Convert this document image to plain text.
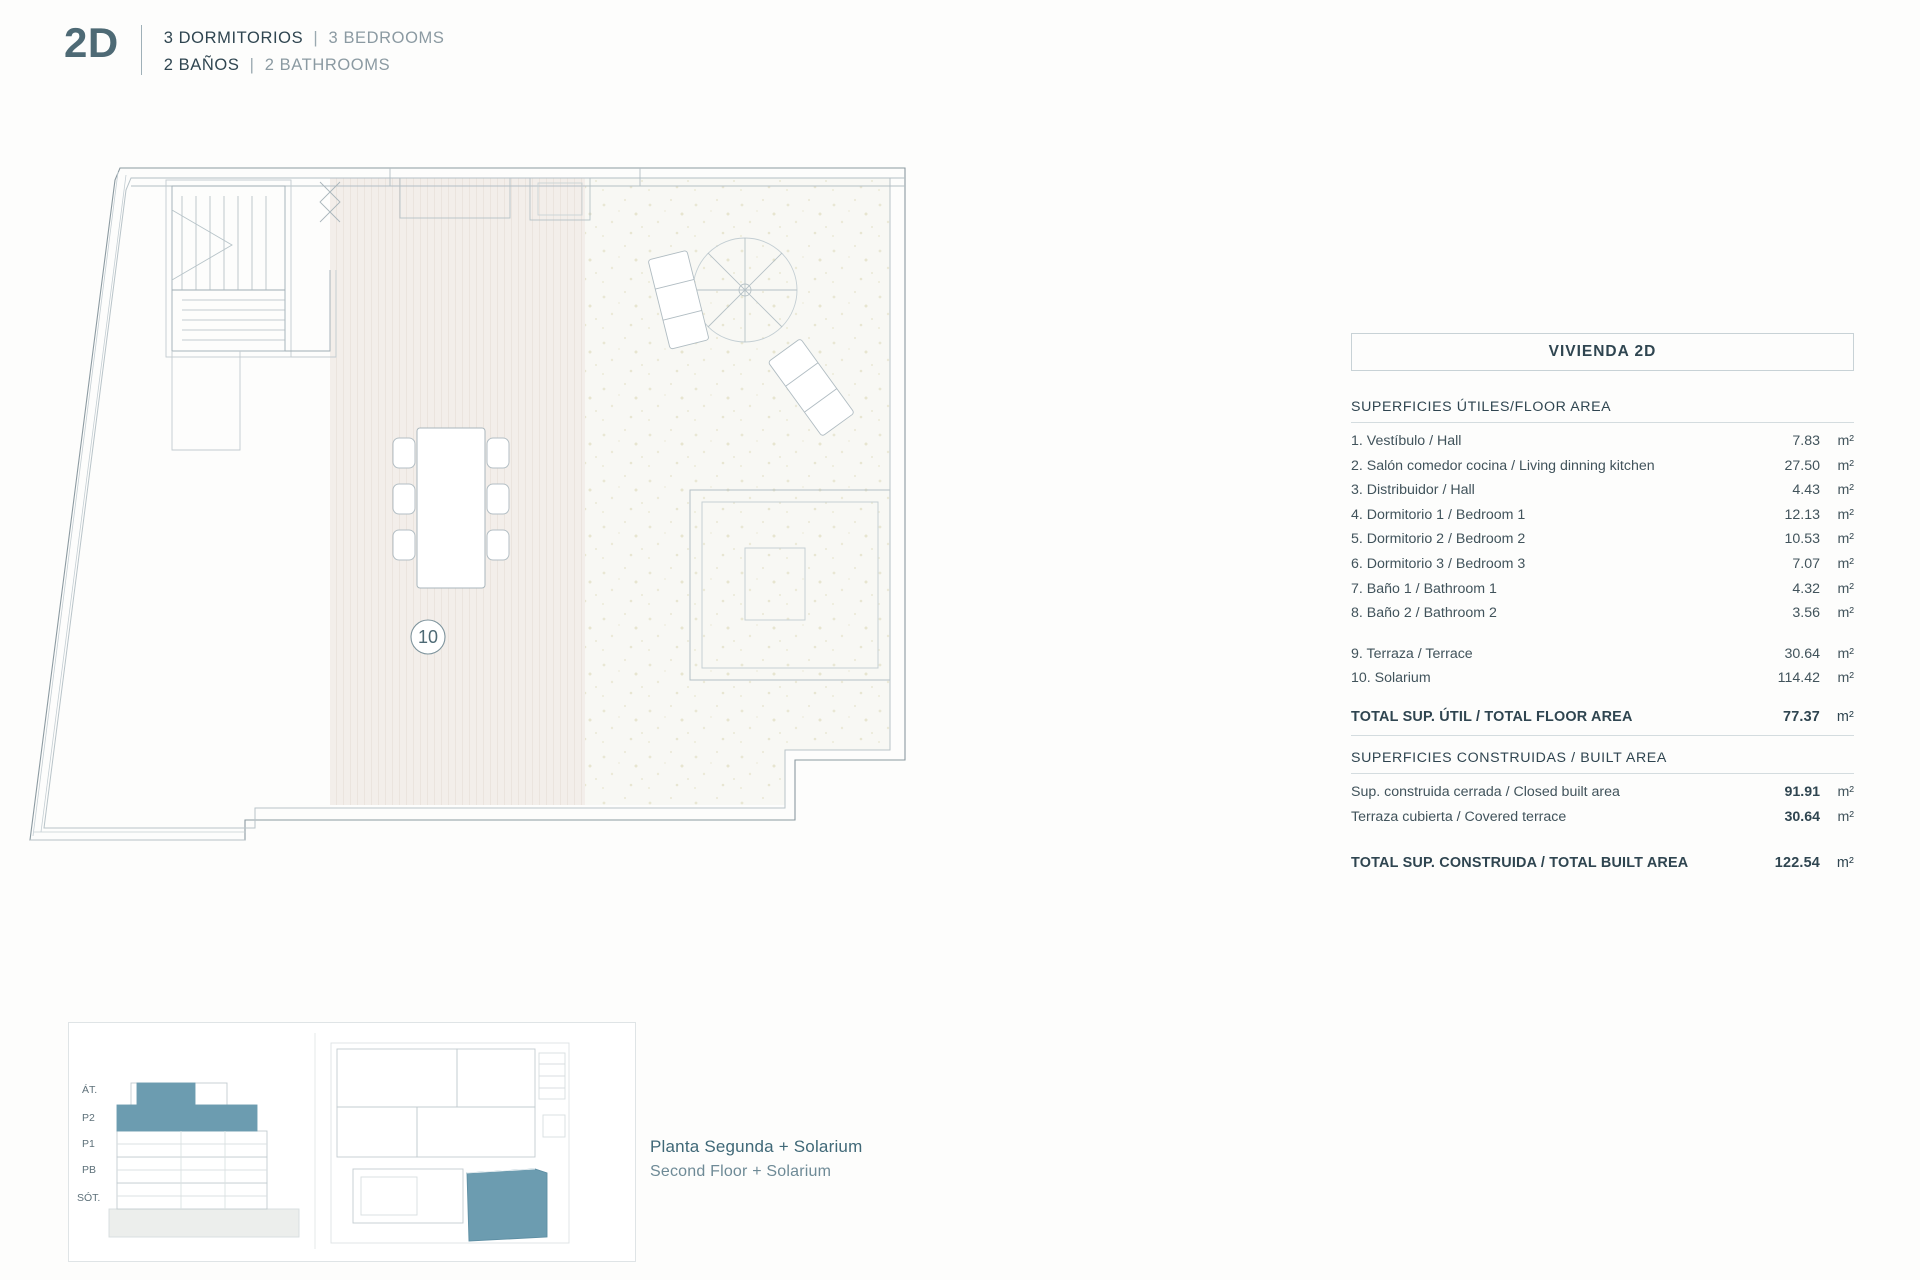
2D	3 DORMITORIOS | 3 BEDROOMS
2 BAÑOS | 2 BATHROOMS
10
VIVIENDA 2D
SUPERFICIES ÚTILES / FLOOR AREA
1. Vestíbulo / Hall	7.83	m²
2. Salón comedor cocina / Living dinning kitchen	27.50	m²
3. Distribuidor / Hall	4.43	m²
4. Dormitorio 1 / Bedroom 1	12.13	m²
5. Dormitorio 2 / Bedroom 2	10.53	m²
6. Dormitorio 3 / Bedroom 3	7.07	m²
7. Baño 1 / Bathroom 1	4.32	m²
8. Baño 2 / Bathroom 2	3.56	m²
9. Terraza / Terrace	30.64	m²
10. Solarium	114.42	m²
TOTAL SUP. ÚTIL / TOTAL FLOOR AREA	77.37	m²
SUPERFICIES CONSTRUIDAS / BUILT AREA
Sup. construida cerrada / Closed built area	91.91	m²
Terraza cubierta / Covered terrace	30.64	m²
TOTAL SUP. CONSTRUIDA / TOTAL BUILT AREA	122.54	m²
ÁT.
P2
P1
PB
SÓT.
Planta Segunda + Solarium
Second Floor + Solarium
